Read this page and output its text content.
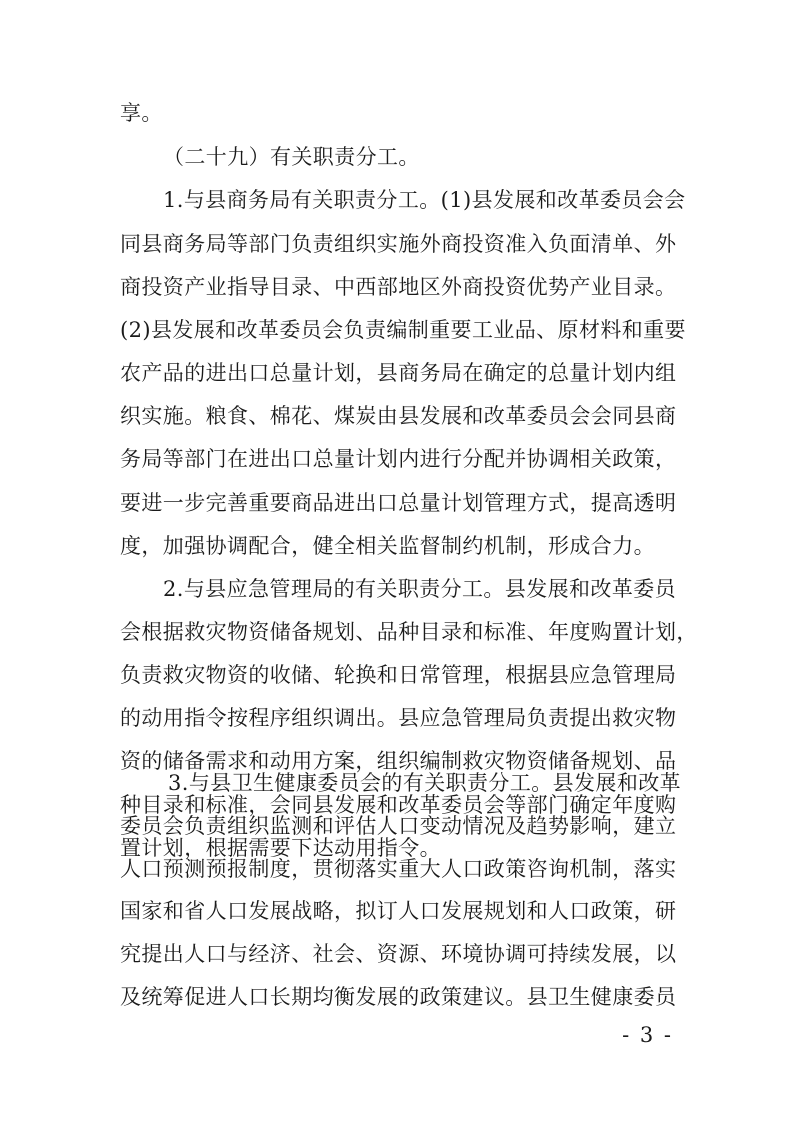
享。
（二十九）有关职责分工。
1.与县商务局有关职责分工。(1)县发展和改革委员会会
同县商务局等部门负责组织实施外商投资准入负面清单、外
商投资产业指导目录、中西部地区外商投资优势产业目录。
(2)县发展和改革委员会负责编制重要工业品、原材料和重要
农产品的进出口总量计划，县商务局在确定的总量计划内组
织实施。粮食、棉花、煤炭由县发展和改革委员会会同县商
务局等部门在进出口总量计划内进行分配并协调相关政策，
要进一步完善重要商品进出口总量计划管理方式，提高透明
度，加强协调配合，健全相关监督制约机制，形成合力。
2.与县应急管理局的有关职责分工。县发展和改革委员
会根据救灾物资储备规划、品种目录和标准、年度购置计划，
负责救灾物资的收储、轮换和日常管理，根据县应急管理局
的动用指令按程序组织调出。县应急管理局负责提出救灾物
资的储备需求和动用方案，组织编制救灾物资储备规划、品
种目录和标准，会同县发展和改革委员会等部门确定年度购
置计划，根据需要下达动用指令。
3.与县卫生健康委员会的有关职责分工。县发展和改革
委员会负责组织监测和评估人口变动情况及趋势影响，建立
人口预测预报制度，贯彻落实重大人口政策咨询机制，落实
国家和省人口发展战略，拟订人口发展规划和人口政策，研
究提出人口与经济、社会、资源、环境协调可持续发展，以
及统筹促进人口长期均衡发展的政策建议。县卫生健康委员
- 3 -
